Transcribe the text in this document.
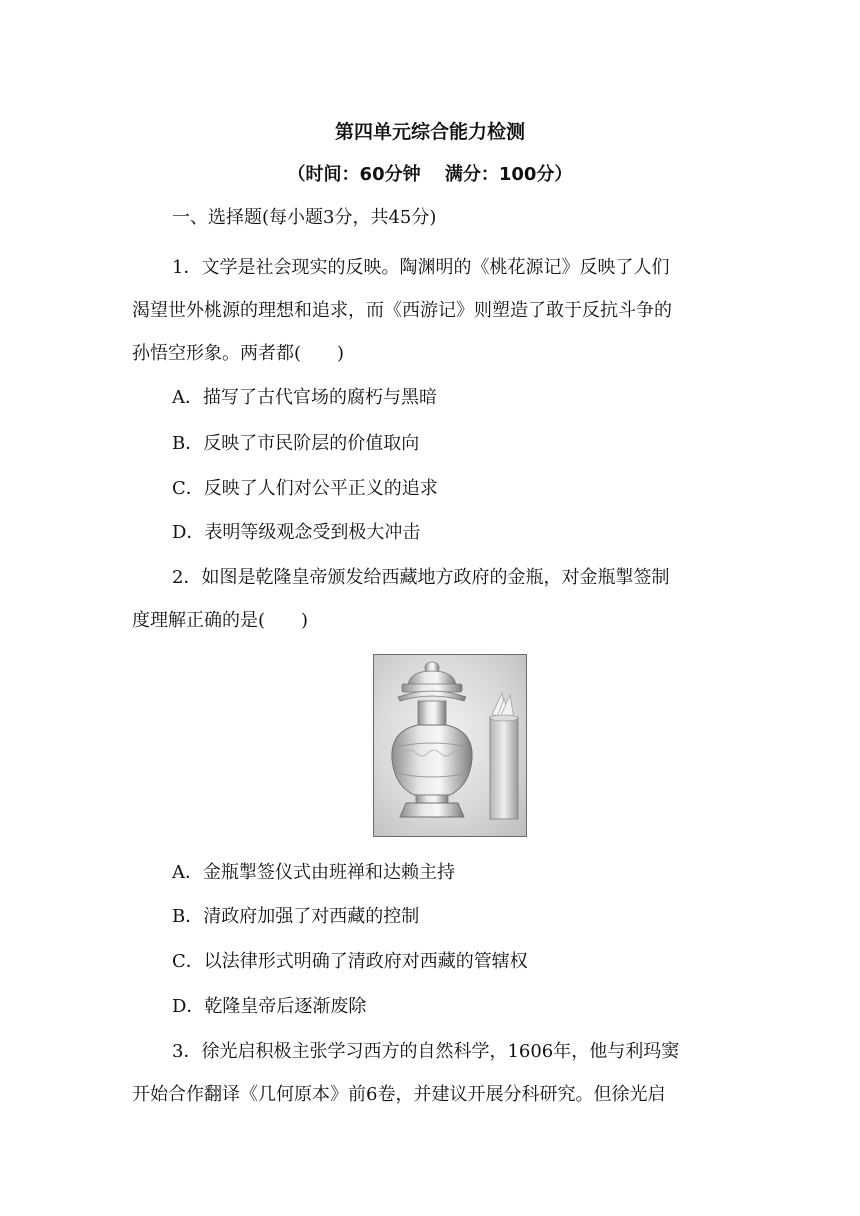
第四单元综合能力检测
（时间：60分钟　 满分：100分）
一、选择题(每小题3分，共45分)
1．文学是社会现实的反映。陶渊明的《桃花源记》反映了人们
渴望世外桃源的理想和追求，而《西游记》则塑造了敢于反抗斗争的
孙悟空形象。两者都(　　)
A．描写了古代官场的腐朽与黑暗
B．反映了市民阶层的价值取向
C．反映了人们对公平正义的追求
D．表明等级观念受到极大冲击
2．如图是乾隆皇帝颁发给西藏地方政府的金瓶，对金瓶掣签制
度理解正确的是(　　)
A．金瓶掣签仪式由班禅和达赖主持
B．清政府加强了对西藏的控制
C．以法律形式明确了清政府对西藏的管辖权
D．乾隆皇帝后逐渐废除
3．徐光启积极主张学习西方的自然科学，1606年，他与利玛窦
开始合作翻译《几何原本》前6卷，并建议开展分科研究。但徐光启
